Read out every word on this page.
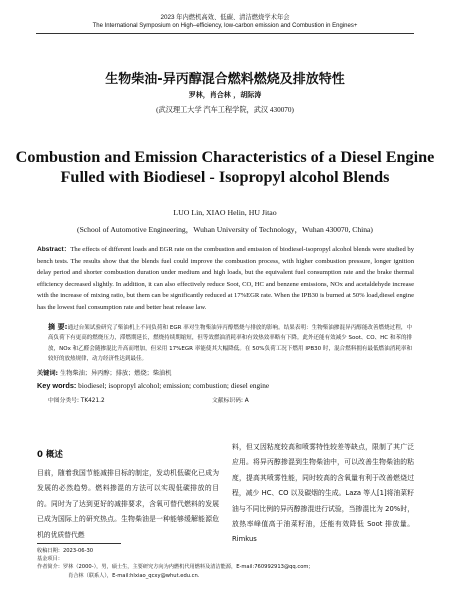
2023 年内燃机高效、低碳、清洁燃烧学术年会
The International Symposium on High–efficiency, low-carbon emission and Combustion in Engines+
生物柴油-异丙醇混合燃料燃烧及排放特性
罗林，肖合林 ，胡际涛
(武汉理工大学 汽车工程学院，武汉 430070)
Combustion and Emission Characteristics of a Diesel Engine Fulled with Biodiesel - Isopropyl alcohol Blends
LUO Lin, XIAO Helin, HU Jitao
(School of Automotive Engineering，Wuhan University of Technology，Wuhan 430070, China)
Abstract：The effects of different loads and EGR rate on the combustion and emission of biodiesel-isopropyl alcohol blends were studied by bench tests. The results show that the blends fuel could improve the combustion process, with higher combustion pressure, longer ignition delay period and shorter combustion duration under medium and high loads, but the equivalent fuel consumption rate and the brake thermal efficiency decreased slightly. In addition, it can also effectively reduce Soot, CO, HC and benzene emissions, NOx and acetaldehyde increase with the increase of mixing ratio, but them can be significantly reduced at 17%EGR rate. When the IPB30 is burned at 50% load,diesel engine has the lowest fuel consumption rate and better heat release law.
摘 要:通过台架试验研究了柴油机上不同负荷和 EGR 率对生物柴油异丙醇燃烧与排放的影响。结果表明：生物柴油掺混异丙醇能改善燃烧过程，中高负荷下有更高的燃烧压力，滞燃期延长，燃烧持续期缩短，但等效燃油消耗率和有效热效率略有下降。此外还能有效减少 Soot、CO、HC 和苯的排放，NOx 和乙醛会随掺混比升高而增加，但采用 17%EGR 率能使其大幅降低。在 50%负荷工况下燃用 IPB30 时，混合燃料拥有最低燃油消耗率和较好的放热规律，动力经济性达到最佳。
关键词: 生物柴油；异丙醇；排放；燃烧；柴油机
Key words: biodiesel; isopropyl alcohol; emission; combustion; diesel engine
中图分类号: TK421.2	文献标识码: A
0 概述
目前，随着我国节能减排目标的制定，发动机低碳化已成为发展的必然趋势。燃料掺混的方法可以实现低碳排放的目的。同时为了达到更好的减排要求，含氧可替代燃料的发展已成为国际上的研究热点。生物柴油是一种能够缓解能源危机的优质替代燃
料，但又因粘度较高和喷雾特性较差等缺点，限制了其广泛应用。将异丙醇掺混到生物柴油中，可以改善生物柴油的粘度，提高其喷雾性能，同时较高的含氧量有利于改善燃烧过程，减少 HC、CO 以及碳烟的生成。Laza 等人[1]将油菜籽油与不同比例的异丙醇掺混进行试验，当掺混比为 20%时，放热率峰值高于油菜籽油，还能有效降低 Soot 排放量。Rimkus
收稿日期：2023-06-30
基金项目：
作者简介：罗林（2000-），男，硕士生，主要研究方向为内燃机代用燃料及清洁能源，E-mail:760992913@qq.com;
肖合林（联系人），E-mail:hlxiao_qcxy@whut.edu.cn.
